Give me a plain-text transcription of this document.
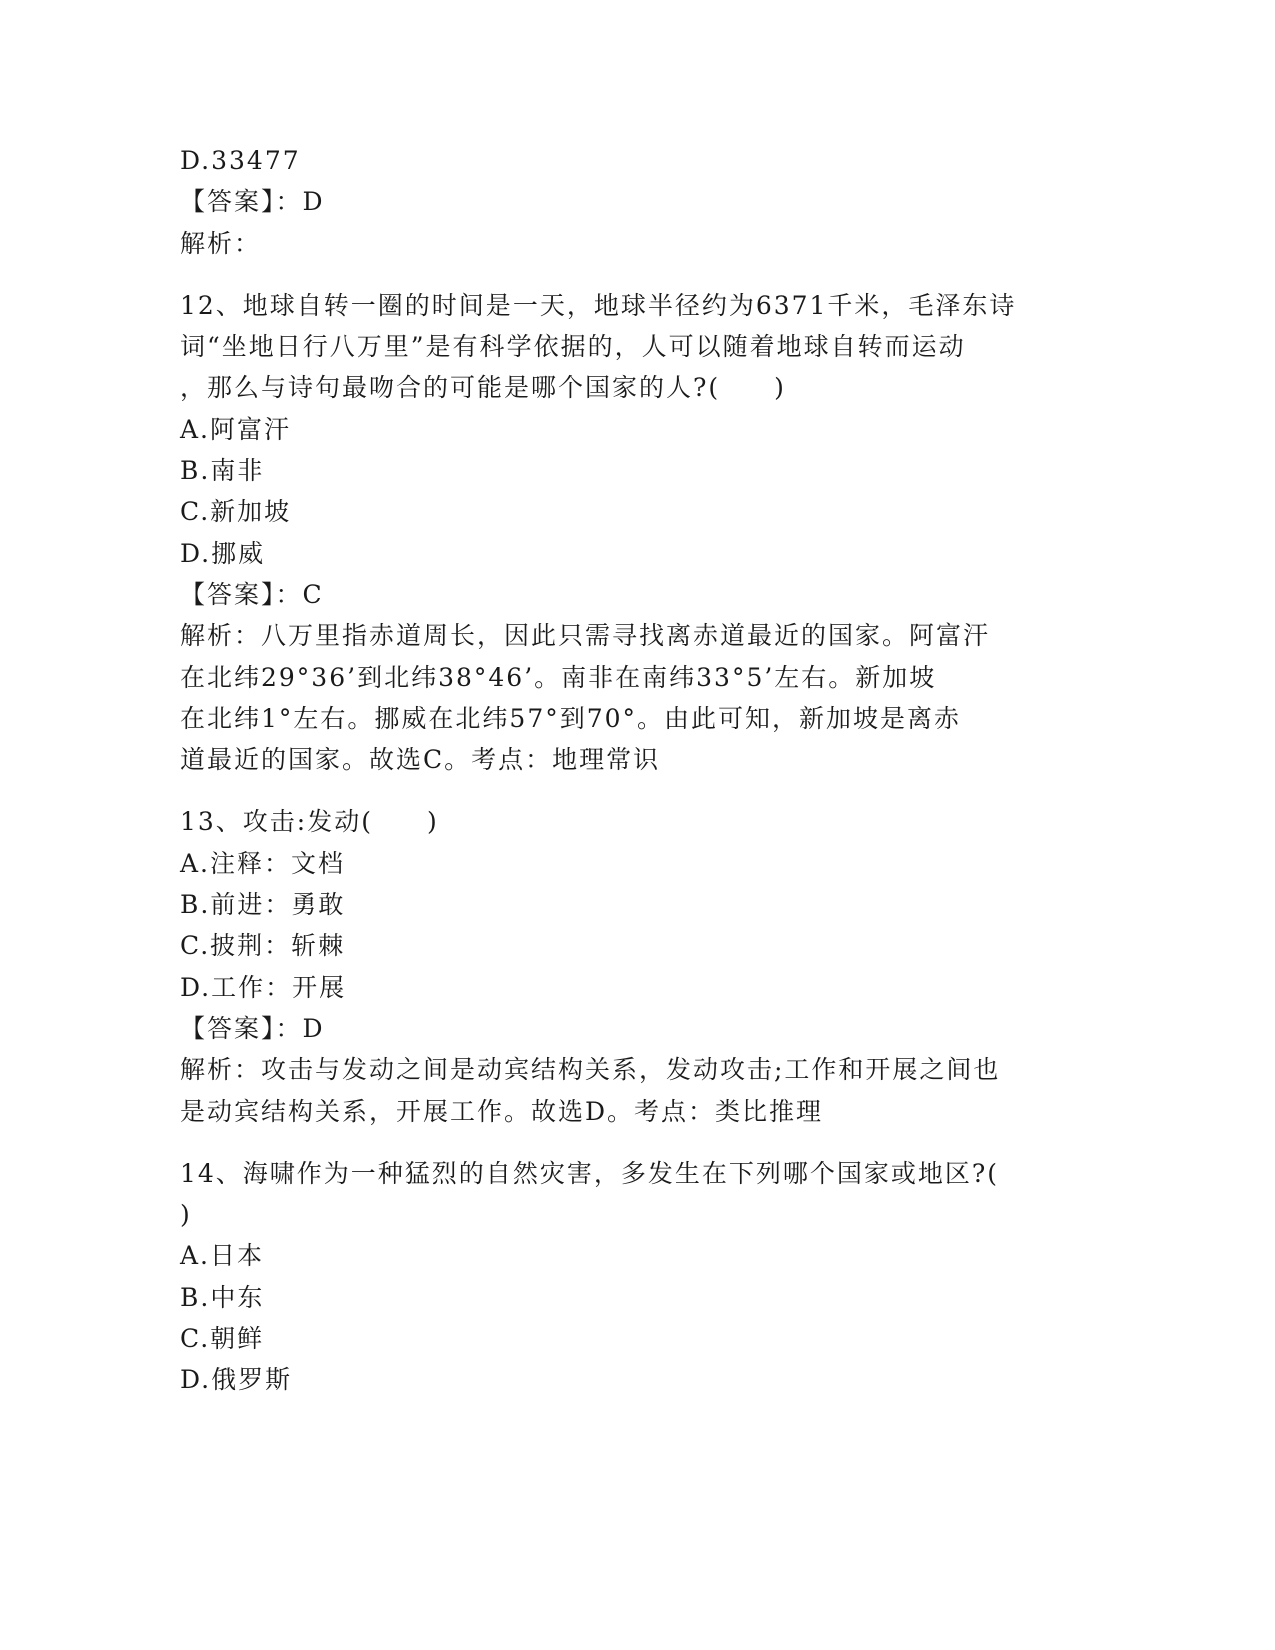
D.33477
【答案】：D
解析：
12、地球自转一圈的时间是一天，地球半径约为6371千米，毛泽东诗
词“坐地日行八万里”是有科学依据的，人可以随着地球自转而运动
，那么与诗句最吻合的可能是哪个国家的人?(　　)
A.阿富汗
B.南非
C.新加坡
D.挪威
【答案】：C
解析：八万里指赤道周长，因此只需寻找离赤道最近的国家。阿富汗
在北纬29°36’到北纬38°46’。南非在南纬33°5’左右。新加坡
在北纬1°左右。挪威在北纬57°到70°。由此可知，新加坡是离赤
道最近的国家。故选C。考点：地理常识
13、攻击:发动(　　)
A.注释：文档
B.前进：勇敢
C.披荆：斩棘
D.工作：开展
【答案】：D
解析：攻击与发动之间是动宾结构关系，发动攻击;工作和开展之间也
是动宾结构关系，开展工作。故选D。考点：类比推理
14、海啸作为一种猛烈的自然灾害，多发生在下列哪个国家或地区?(
)
A.日本
B.中东
C.朝鲜
D.俄罗斯
